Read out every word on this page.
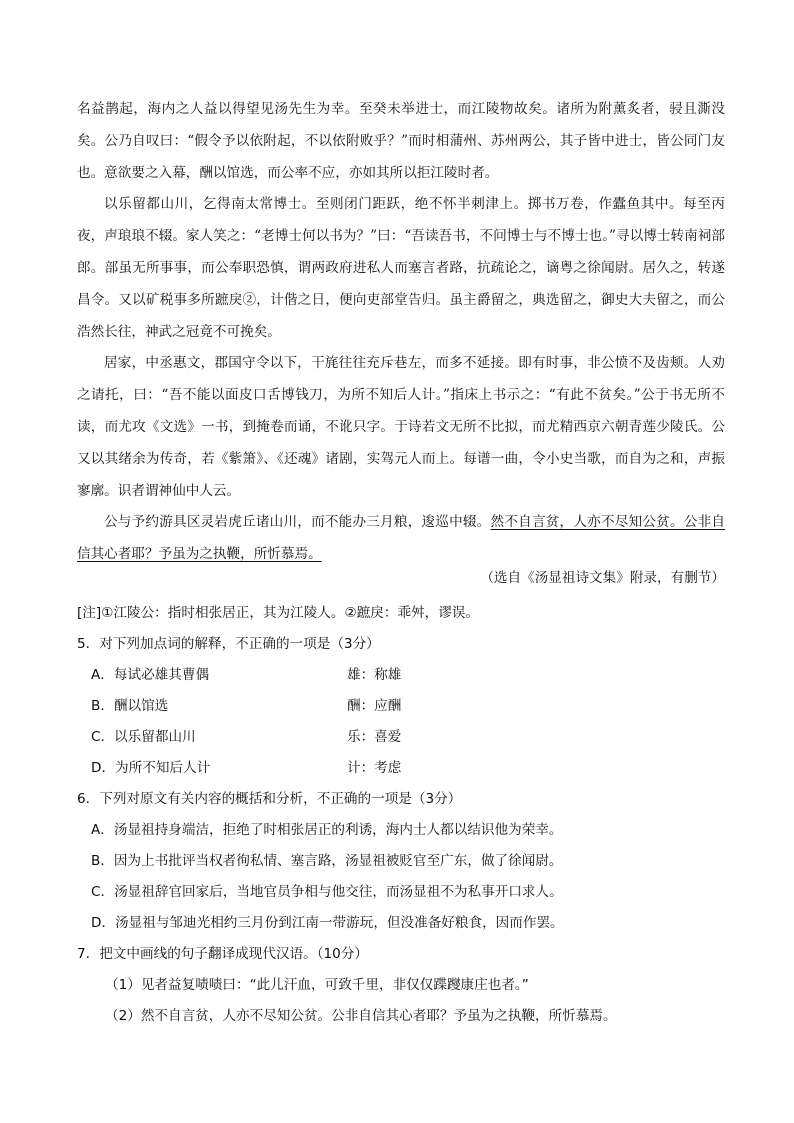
名益鹊起，海内之人益以得望见汤先生为幸。至癸未举进士，而江陵物故矣。诸所为附薰炙者，骎且澌没矣。公乃自叹曰：“假令予以依附起，不以依附败乎？”而时相蒲州、苏州两公，其子皆中进士，皆公同门友也。意欲要之入幕，酬以馆选，而公率不应，亦如其所以拒江陵时者。

以乐留都山川，乞得南太常博士。至则闭门距跃，绝不怀半刺津上。掷书万卷，作蠹鱼其中。每至丙夜，声琅琅不辍。家人笑之：“老博士何以书为？”曰：“吾读吾书，不问博士与不博士也。”寻以博士转南祠部郎。部虽无所事事，而公奉职恐慎，谓两政府进私人而塞言者路，抗疏论之，谪粤之徐闻尉。居久之，转遂昌令。又以矿税事多所蹠戾②，计偕之日，便向吏部堂告归。虽主爵留之，典选留之，御史大夫留之，而公浩然长往，神武之冠竟不可挽矣。

居家，中丞惠文，郡国守令以下，干旄往往充斥巷左，而多不延接。即有时事，非公愤不及齿颊。人劝之请托，曰：“吾不能以面皮口舌博钱刀，为所不知后人计。”指床上书示之：“有此不贫矣。”公于书无所不读，而尤攻《文选》一书，到掩卷而诵，不讹只字。于诗若文无所不比拟，而尤精西京六朝青莲少陵氏。公又以其绪余为传奇，若《紫箫》、《还魂》诸剧，实驾元人而上。每谱一曲，令小史当歌，而自为之和，声振寥廓。识者谓神仙中人云。

公与予约游具区灵岩虎丘诸山川，而不能办三月粮，逡巡中辍。然不自言贫，人亦不尽知公贫。公非自信其心者耶？予虽为之执鞭，所忻慕焉。

（选自《汤显祖诗文集》附录，有删节）
[注]①江陵公：指时相张居正，其为江陵人。②蹠戾：乖舛，谬误。
5．对下列加点词的解释，不正确的一项是（3分）
A．每试必雄其曹偶	雄：称雄
B．酬以馆选	酬：应酬
C．以乐留都山川	乐：喜爱
D．为所不知后人计	计：考虑
6．下列对原文有关内容的概括和分析，不正确的一项是（3分）
A．汤显祖持身端洁，拒绝了时相张居正的利诱，海内士人都以结识他为荣幸。
B．因为上书批评当权者徇私情、塞言路，汤显祖被贬官至广东，做了徐闻尉。
C．汤显祖辞官回家后，当地官员争相与他交往，而汤显祖不为私事开口求人。
D．汤显祖与邹迪光相约三月份到江南一带游玩，但没准备好粮食，因而作罢。
7．把文中画线的句子翻译成现代汉语。（10分）
（1）见者益复啧啧曰：“此儿汗血，可致千里，非仅仅蹀躞康庄也者。”
（2）然不自言贫，人亦不尽知公贫。公非自信其心者耶？予虽为之执鞭，所忻慕焉。
